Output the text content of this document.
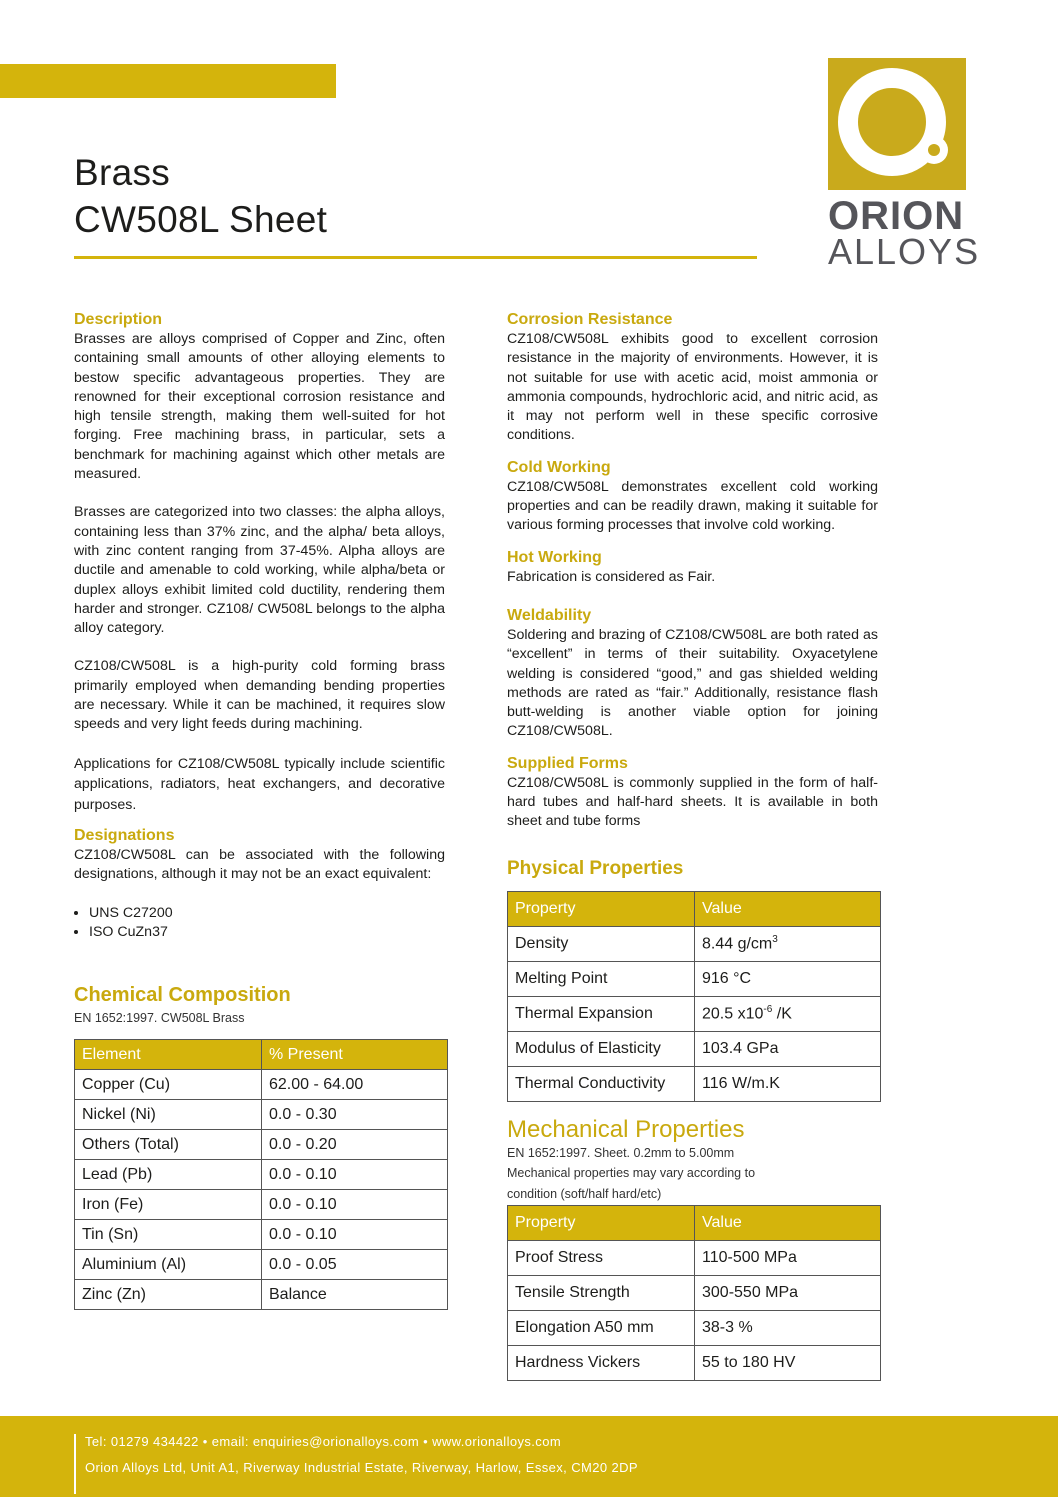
Brass
CW508L Sheet	ORION
ALLOYS
Description

Brasses are alloys comprised of Copper and Zinc, often containing small amounts of other alloying elements to bestow specific advantageous properties. They are renowned for their exceptional corrosion resistance and high tensile strength, making them well-suited for hot forging. Free machining brass, in particular, sets a benchmark for machining against which other metals are measured.

Brasses are categorized into two classes: the alpha alloys, containing less than 37% zinc, and the alpha/ beta alloys, with zinc content ranging from 37-45%. Alpha alloys are ductile and amenable to cold working, while alpha/beta or duplex alloys exhibit limited cold ductility, rendering them harder and stronger. CZ108/ CW508L belongs to the alpha alloy category.

CZ108/CW508L is a high-purity cold forming brass primarily employed when demanding bending properties are necessary. While it can be machined, it requires slow speeds and very light feeds during machining.

Applications for CZ108/CW508L typically include scientific applications, radiators, heat exchangers, and decorative purposes.

Designations

CZ108/CW508L can be associated with the following designations, although it may not be an exact equivalent:

• UNS C27200
• ISO CuZn37
Chemical Composition
EN 1652:1997. CW508L Brass
Element	% Present
Copper (Cu)	62.00 - 64.00
Nickel (Ni)	0.0 - 0.30
Others (Total)	0.0 - 0.20
Lead (Pb)	0.0 - 0.10
Iron (Fe)	0.0 - 0.10
Tin (Sn)	0.0 - 0.10
Aluminium (Al)	0.0 - 0.05
Zinc (Zn)	Balance
Corrosion Resistance

CZ108/CW508L exhibits good to excellent corrosion resistance in the majority of environments. However, it is not suitable for use with acetic acid, moist ammonia or ammonia compounds, hydrochloric acid, and nitric acid, as it may not perform well in these specific corrosive conditions.

Cold Working

CZ108/CW508L demonstrates excellent cold working properties and can be readily drawn, making it suitable for various forming processes that involve cold working.

Hot Working

Fabrication is considered as Fair.

Weldability

Soldering and brazing of CZ108/CW508L are both rated as “excellent” in terms of their suitability. Oxyacetylene welding is considered “good,” and gas shielded welding methods are rated as “fair.” Additionally, resistance flash butt-welding is another viable option for joining CZ108/CW508L.

Supplied Forms

CZ108/CW508L is commonly supplied in the form of half-hard tubes and half-hard sheets. It is available in both sheet and tube forms

Physical Properties
Property	Value
Density	8.44 $g/cm^3$
Melting Point	916 °C
Thermal Expansion	20.5 $x10^{-6}$ /K
Modulus of Elasticity	103.4 GPa
Thermal Conductivity	116 W/m.K
Mechanical Properties
EN 1652:1997. Sheet. 0.2mm to 5.00mm
Mechanical properties may vary according to
condition (soft/half hard/etc)
Property	Value
Proof Stress	110-500 MPa
Tensile Strength	300-550 MPa
Elongation A50 mm	38-3 %
Hardness Vickers	55 to 180 HV
Tel: 01279 434422 • email: enquiries@orionalloys.com • www.orionalloys.com
Orion Alloys Ltd, Unit A1, Riverway Industrial Estate, Riverway, Harlow, Essex, CM20 2DP
